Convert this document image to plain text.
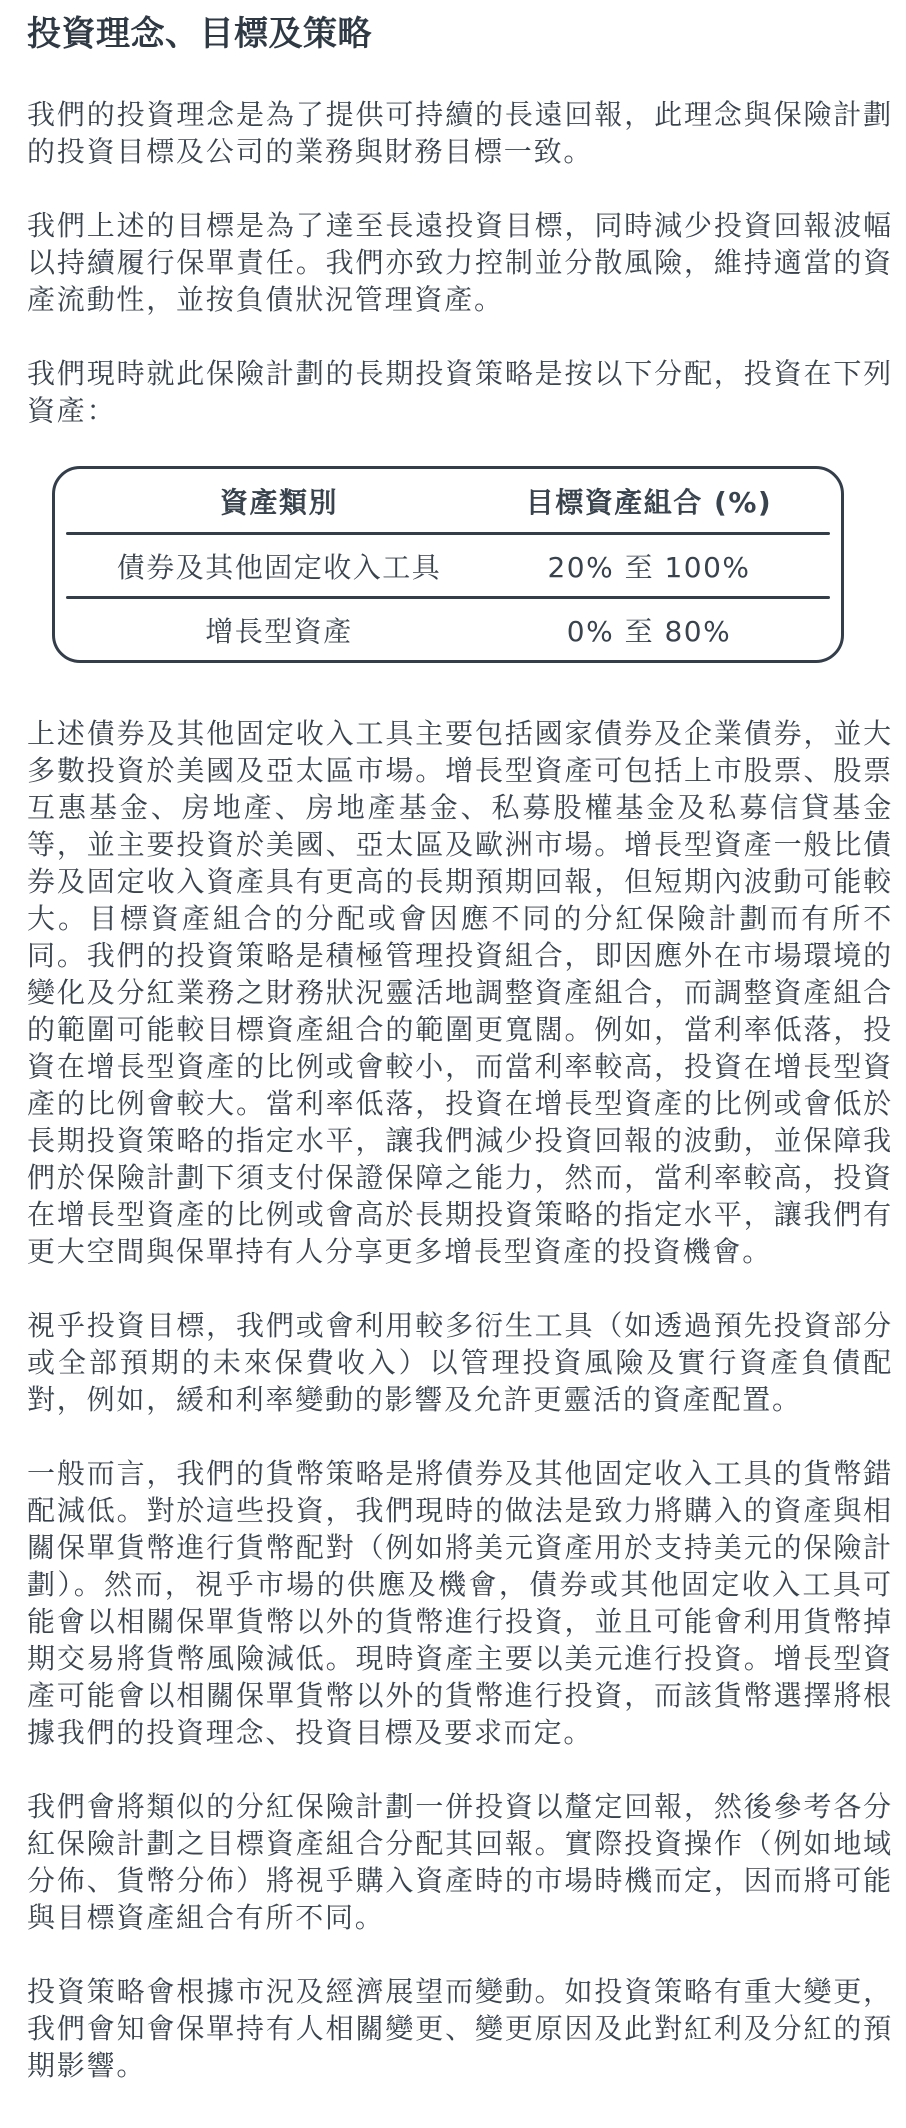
投資理念、目標及策略

我們的投資理念是為了提供可持續的長遠回報，此理念與保險計劃的投資目標及公司的業務與財務目標一致。

我們上述的目標是為了達至長遠投資目標，同時減少投資回報波幅以持續履行保單責任。我們亦致力控制並分散風險，維持適當的資產流動性，並按負債狀況管理資產。

我們現時就此保險計劃的長期投資策略是按以下分配，投資在下列資產：

資產類別	目標資產組合 (%)
債券及其他固定收入工具	20% 至 100%
增長型資產	0% 至 80%

上述債券及其他固定收入工具主要包括國家債券及企業債券，並大多數投資於美國及亞太區市場。增長型資產可包括上市股票、股票互惠基金、房地產、房地產基金、私募股權基金及私募信貸基金等，並主要投資於美國、亞太區及歐洲市場。增長型資產一般比債券及固定收入資產具有更高的長期預期回報，但短期內波動可能較大。目標資產組合的分配或會因應不同的分紅保險計劃而有所不同。我們的投資策略是積極管理投資組合，即因應外在市場環境的變化及分紅業務之財務狀況靈活地調整資產組合，而調整資產組合的範圍可能較目標資產組合的範圍更寬闊。例如，當利率低落，投資在增長型資產的比例或會較小，而當利率較高，投資在增長型資產的比例會較大。當利率低落，投資在增長型資產的比例或會低於長期投資策略的指定水平，讓我們減少投資回報的波動，並保障我們於保險計劃下須支付保證保障之能力，然而，當利率較高，投資在增長型資產的比例或會高於長期投資策略的指定水平，讓我們有更大空間與保單持有人分享更多增長型資產的投資機會。

視乎投資目標，我們或會利用較多衍生工具（如透過預先投資部分或全部預期的未來保費收入）以管理投資風險及實行資產負債配對，例如，緩和利率變動的影響及允許更靈活的資產配置。

一般而言，我們的貨幣策略是將債券及其他固定收入工具的貨幣錯配減低。對於這些投資，我們現時的做法是致力將購入的資產與相關保單貨幣進行貨幣配對（例如將美元資產用於支持美元的保險計劃）。然而，視乎市場的供應及機會，債券或其他固定收入工具可能會以相關保單貨幣以外的貨幣進行投資，並且可能會利用貨幣掉期交易將貨幣風險減低。現時資產主要以美元進行投資。增長型資產可能會以相關保單貨幣以外的貨幣進行投資，而該貨幣選擇將根據我們的投資理念、投資目標及要求而定。

我們會將類似的分紅保險計劃一併投資以釐定回報，然後參考各分紅保險計劃之目標資產組合分配其回報。實際投資操作（例如地域分佈、貨幣分佈）將視乎購入資產時的市場時機而定，因而將可能與目標資產組合有所不同。

投資策略會根據市況及經濟展望而變動。如投資策略有重大變更，我們會知會保單持有人相關變更、變更原因及此對紅利及分紅的預期影響。
